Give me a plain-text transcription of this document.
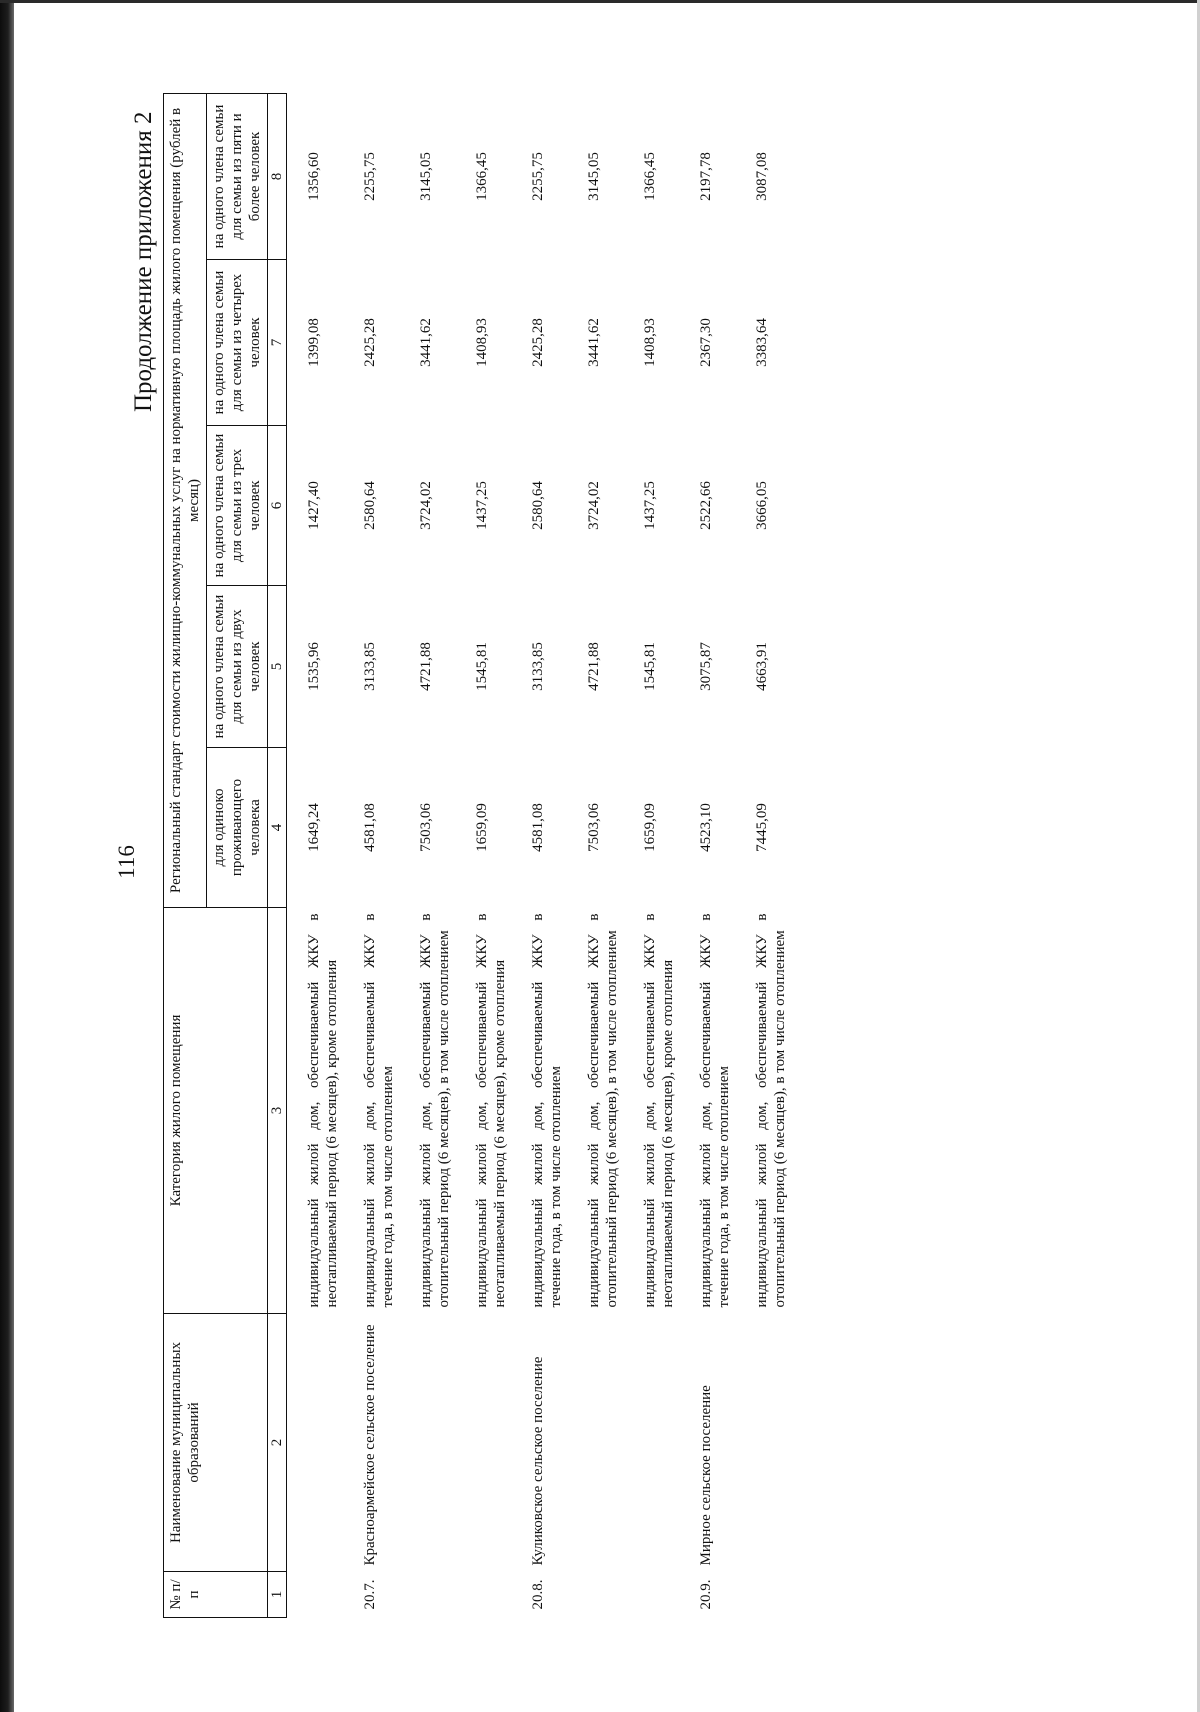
116
Продолжение приложения 2
№ п/п	Наименование муниципальных образований	Категория жилого помещения	Региональный стандарт стоимости жилищно-коммунальных услуг на нормативную площадь жилого помещения (рублей в месяц)				
			для одиноко проживающего человека	на одного члена семьи для семьи из двух человек	на одного члена семьи для семьи из трех человек	на одного члена семьи для семьи из четырех человек	на одного члена семьи для семьи из пяти и более человек
1	2	3	4	5	6	7	8
		индивидуальный жилой дом, обеспечиваемый ЖКУ в неотапливаемый период (6 месяцев), кроме отопления	1649,24	1535,96	1427,40	1399,08	1356,60
20.7.	Красноармейское сельское поселение	индивидуальный жилой дом, обеспечиваемый ЖКУ в течение года, в том числе отоплением	4581,08	3133,85	2580,64	2425,28	2255,75
		индивидуальный жилой дом, обеспечиваемый ЖКУ в отопительный период (6 месяцев), в том числе отоплением	7503,06	4721,88	3724,02	3441,62	3145,05
		индивидуальный жилой дом, обеспечиваемый ЖКУ в неотапливаемый период (6 месяцев), кроме отопления	1659,09	1545,81	1437,25	1408,93	1366,45
20.8.	Куликовское сельское поселение	индивидуальный жилой дом, обеспечиваемый ЖКУ в течение года, в том числе отоплением	4581,08	3133,85	2580,64	2425,28	2255,75
		индивидуальный жилой дом, обеспечиваемый ЖКУ в отопительный период (6 месяцев), в том числе отоплением	7503,06	4721,88	3724,02	3441,62	3145,05
		индивидуальный жилой дом, обеспечиваемый ЖКУ в неотапливаемый период (6 месяцев), кроме отопления	1659,09	1545,81	1437,25	1408,93	1366,45
20.9.	Мирное сельское поселение	индивидуальный жилой дом, обеспечиваемый ЖКУ в течение года, в том числе отоплением	4523,10	3075,87	2522,66	2367,30	2197,78
		индивидуальный жилой дом, обеспечиваемый ЖКУ в отопительный период (6 месяцев), в том числе отоплением	7445,09	4663,91	3666,05	3383,64	3087,08
